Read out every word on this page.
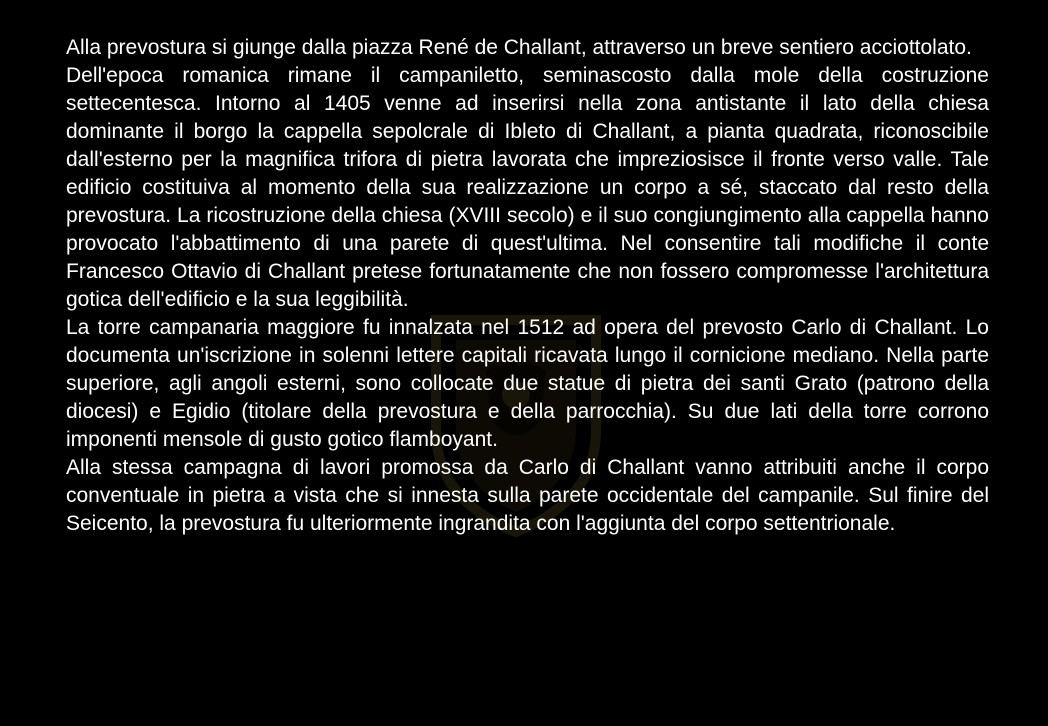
Alla prevostura si giunge dalla piazza René de Challant, attraverso un breve sentiero acciottolato.

Dell'epoca romanica rimane il campaniletto, seminascosto dalla mole della costruzione settecentesca. Intorno al 1405 venne ad inserirsi nella zona antistante il lato della chiesa dominante il borgo la cappella sepolcrale di Ibleto di Challant, a pianta quadrata, riconoscibile dall'esterno per la magnifica trifora di pietra lavorata che impreziosisce il fronte verso valle. Tale edificio costituiva al momento della sua realizzazione un corpo a sé, staccato dal resto della prevostura. La ricostruzione della chiesa (XVIII secolo) e il suo congiungimento alla cappella hanno provocato l'abbattimento di una parete di quest'ultima. Nel consentire tali modifiche il conte Francesco Ottavio di Challant pretese fortunatamente che non fossero compromesse l'architettura gotica dell'edificio e la sua leggibilità.

La torre campanaria maggiore fu innalzata nel 1512 ad opera del prevosto Carlo di Challant. Lo documenta un'iscrizione in solenni lettere capitali ricavata lungo il cornicione mediano. Nella parte superiore, agli angoli esterni, sono collocate due statue di pietra dei santi Grato (patrono della diocesi) e Egidio (titolare della prevostura e della parrocchia). Su due lati della torre corrono imponenti mensole di gusto gotico flamboyant.

Alla stessa campagna di lavori promossa da Carlo di Challant vanno attribuiti anche il corpo conventuale in pietra a vista che si innesta sulla parete occidentale del campanile. Sul finire del Seicento, la prevostura fu ulteriormente ingrandita con l'aggiunta del corpo settentrionale.
